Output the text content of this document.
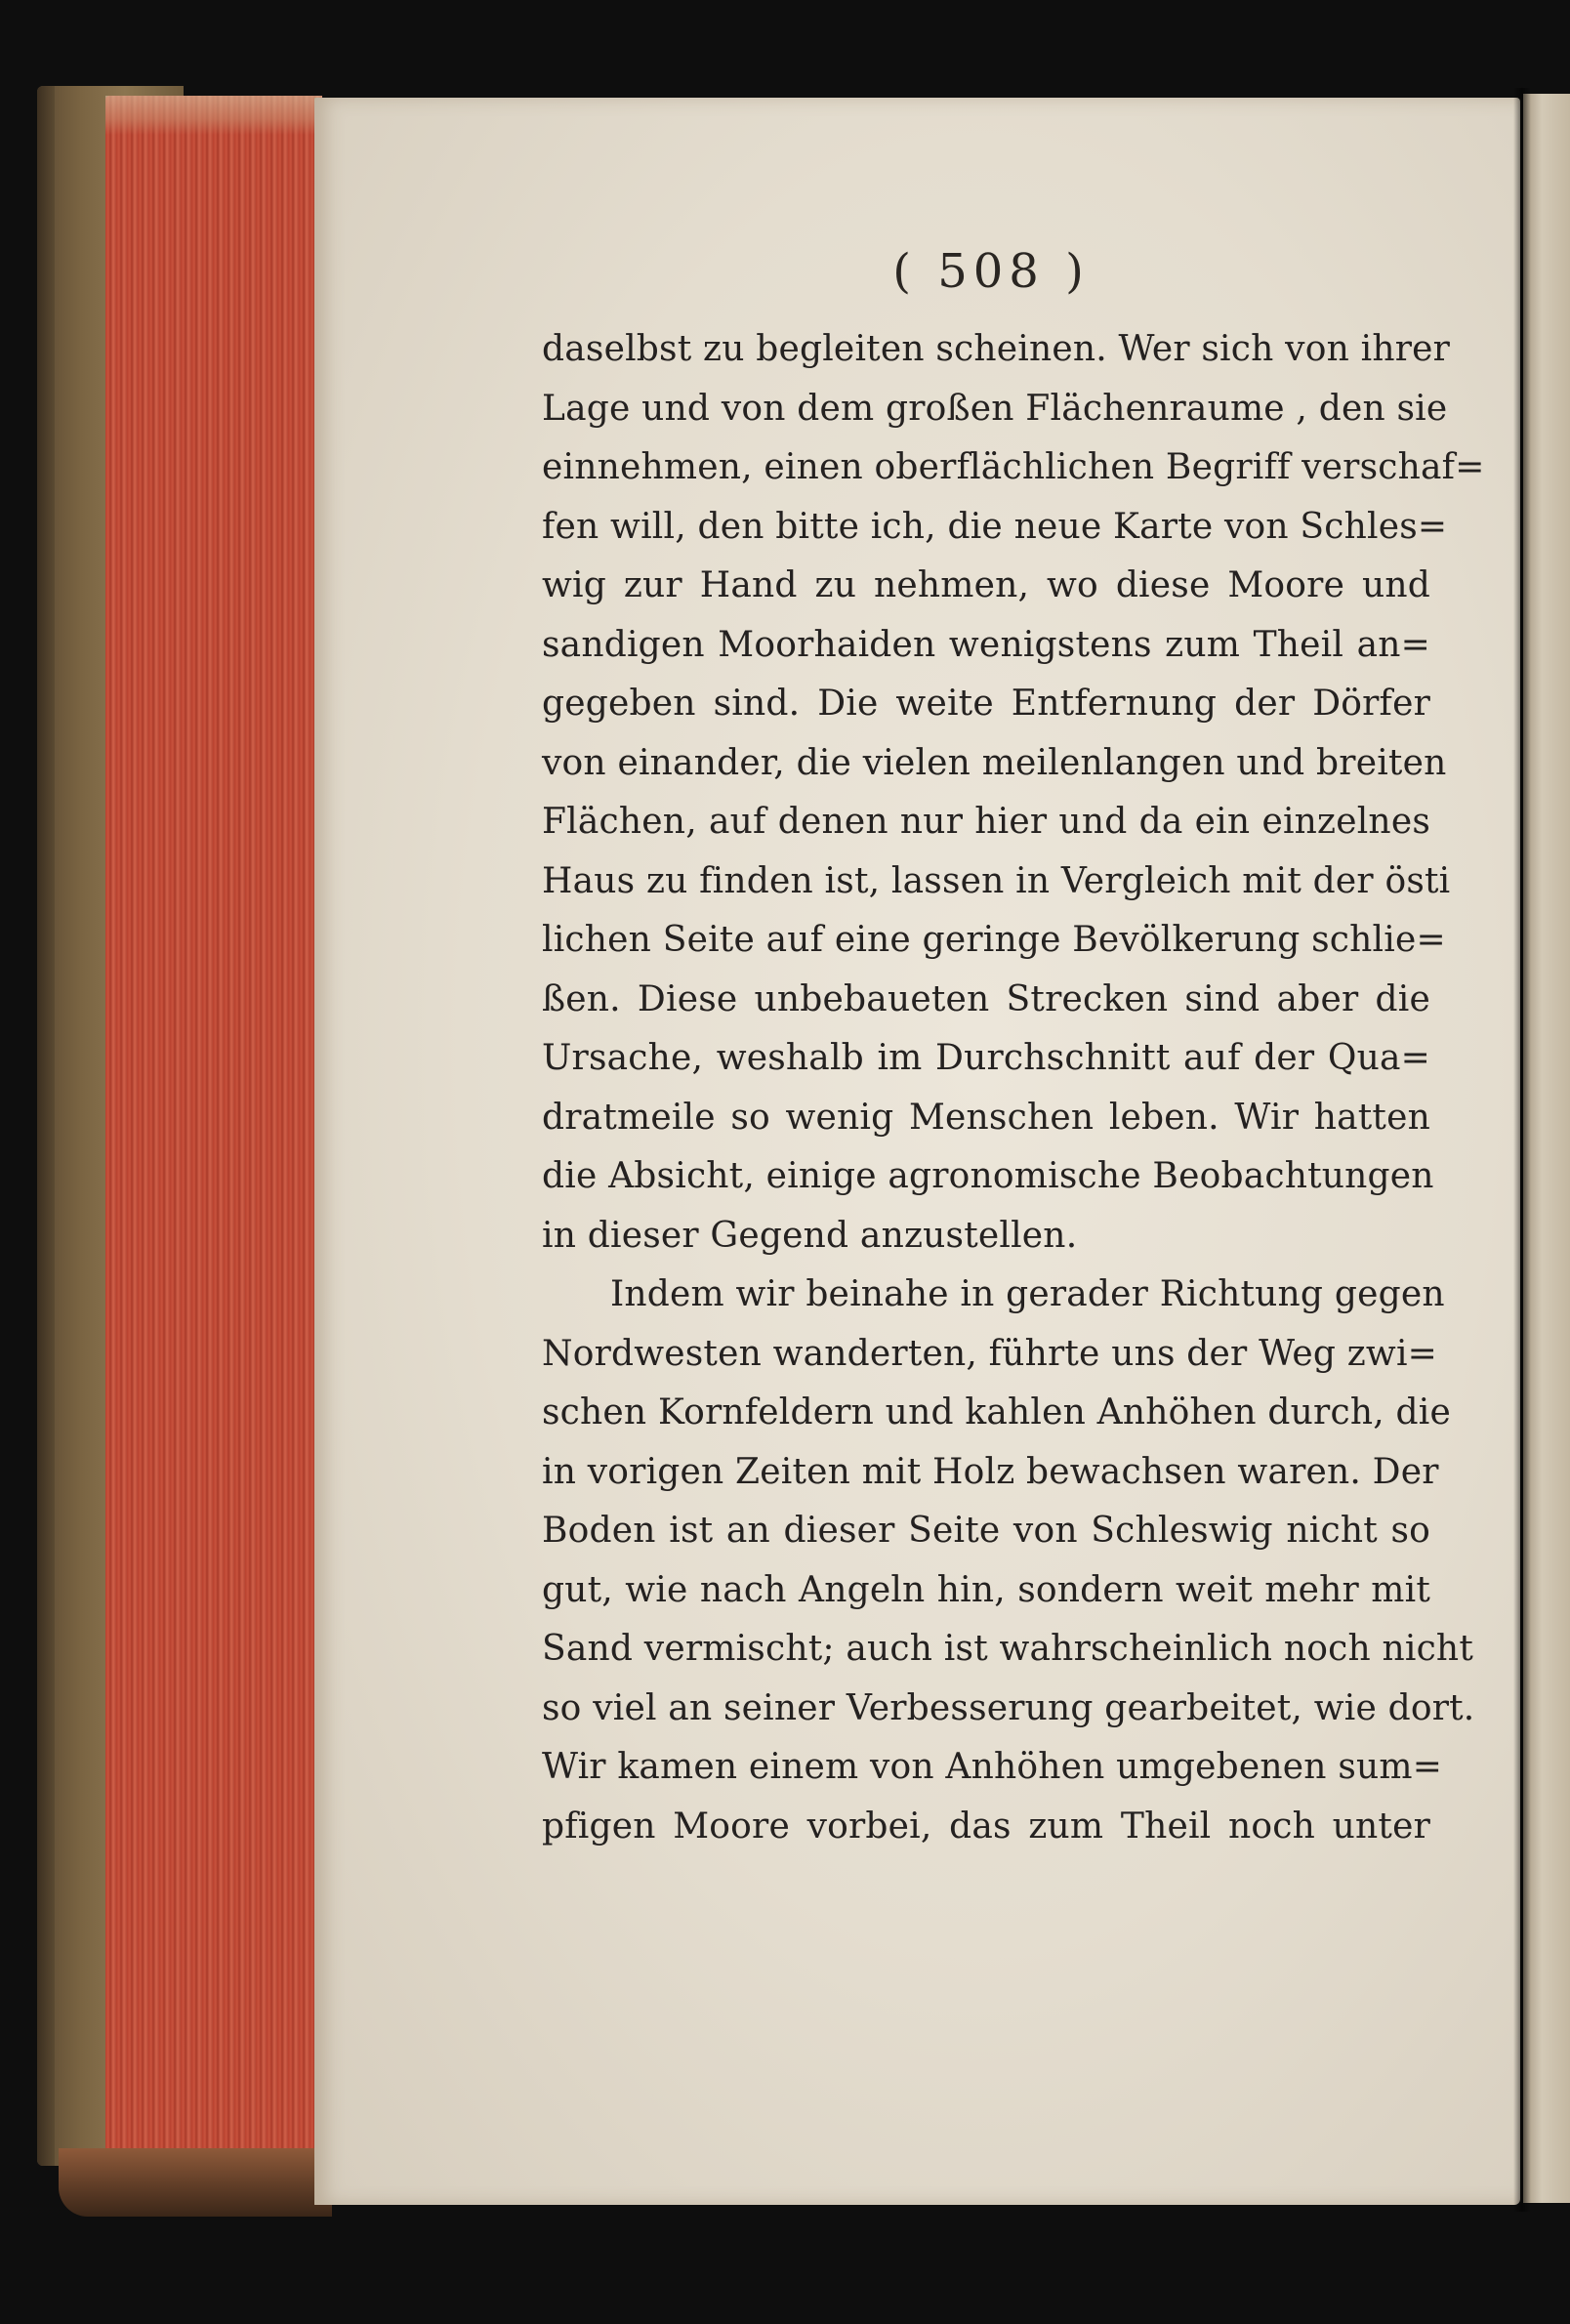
( 508 )
daselbst zu begleiten scheinen. Wer sich von ihrer
Lage und von dem großen Flächenraume , den sie
einnehmen, einen oberflächlichen Begriff verschaf=
fen will, den bitte ich, die neue Karte von Schles=
wig zur Hand zu nehmen, wo diese Moore und
sandigen Moorhaiden wenigstens zum Theil an=
gegeben sind. Die weite Entfernung der Dörfer
von einander, die vielen meilenlangen und breiten
Flächen, auf denen nur hier und da ein einzelnes
Haus zu finden ist, lassen in Vergleich mit der östi
lichen Seite auf eine geringe Bevölkerung schlie=
ßen. Diese unbebaueten Strecken sind aber die
Ursache, weshalb im Durchschnitt auf der Qua=
dratmeile so wenig Menschen leben. Wir hatten
die Absicht, einige agronomische Beobachtungen
in dieser Gegend anzustellen.
Indem wir beinahe in gerader Richtung gegen
Nordwesten wanderten, führte uns der Weg zwi=
schen Kornfeldern und kahlen Anhöhen durch, die
in vorigen Zeiten mit Holz bewachsen waren. Der
Boden ist an dieser Seite von Schleswig nicht so
gut, wie nach Angeln hin, sondern weit mehr mit
Sand vermischt; auch ist wahrscheinlich noch nicht
so viel an seiner Verbesserung gearbeitet, wie dort.
Wir kamen einem von Anhöhen umgebenen sum=
pfigen Moore vorbei, das zum Theil noch unter
